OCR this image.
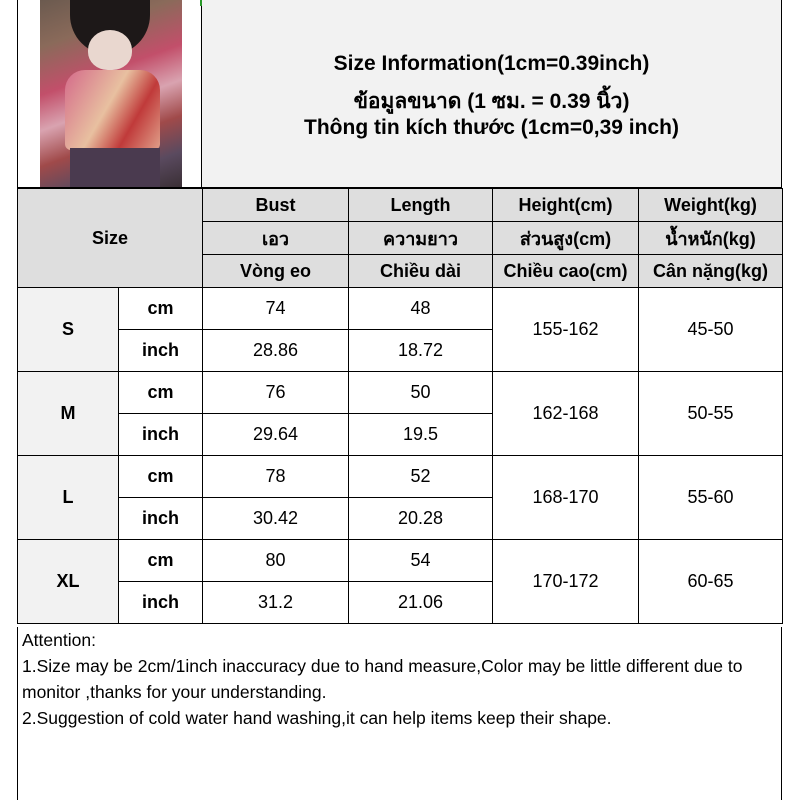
Size Information(1cm=0.39inch)
ข้อมูลขนาด (1 ซม. = 0.39 นิ้ว)
Thông tin kích thước (1cm=0,39 inch)
Size		Bust	Length	Height(cm)	Weight(kg)
		เอว	ความยาว	ส่วนสูง(cm)	น้ำหนัก(kg)
		Vòng eo	Chiều dài	Chiều cao(cm)	Cân nặng(kg)
S	cm	74	48	155-162	45-50
	inch	28.86	18.72		
M	cm	76	50	162-168	50-55
	inch	29.64	19.5		
L	cm	78	52	168-170	55-60
	inch	30.42	20.28		
XL	cm	80	54	170-172	60-65
	inch	31.2	21.06		
Attention:
1.Size may be 2cm/1inch inaccuracy due to hand measure,Color may be little different due to monitor ,thanks for your understanding.
2.Suggestion of cold water hand washing,it can help items keep their shape.
